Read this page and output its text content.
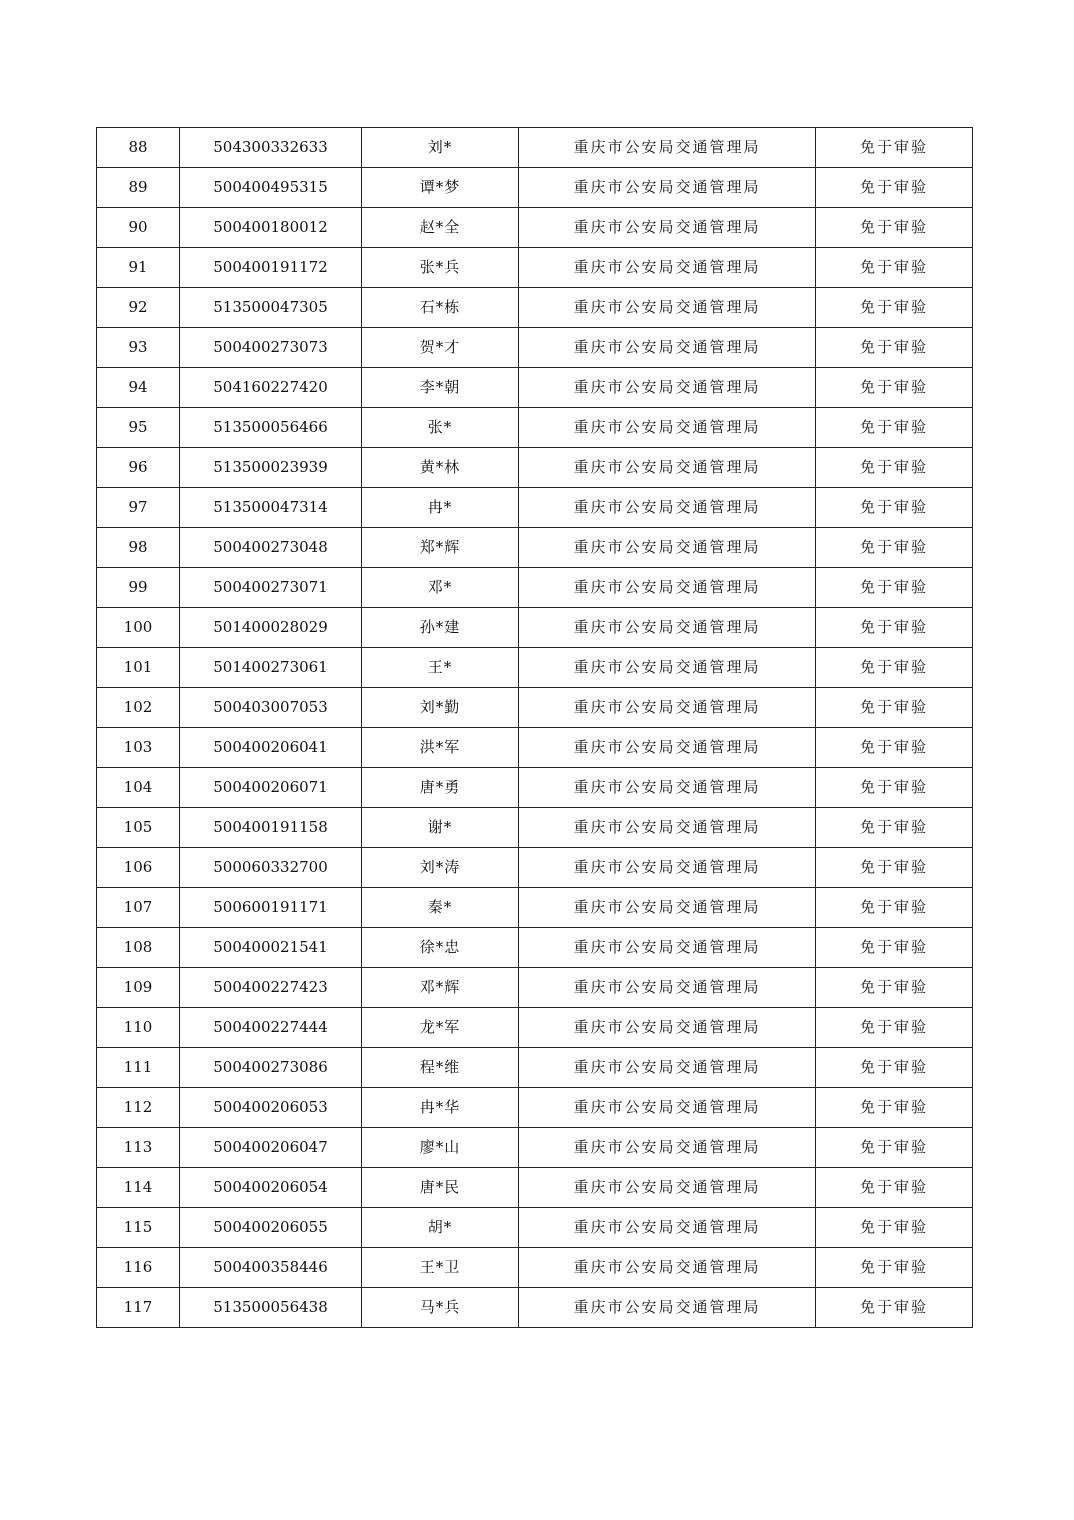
88	504300332633	刘*	重庆市公安局交通管理局	免于审验
89	500400495315	谭*梦	重庆市公安局交通管理局	免于审验
90	500400180012	赵*全	重庆市公安局交通管理局	免于审验
91	500400191172	张*兵	重庆市公安局交通管理局	免于审验
92	513500047305	石*栋	重庆市公安局交通管理局	免于审验
93	500400273073	贺*才	重庆市公安局交通管理局	免于审验
94	504160227420	李*朝	重庆市公安局交通管理局	免于审验
95	513500056466	张*	重庆市公安局交通管理局	免于审验
96	513500023939	黄*林	重庆市公安局交通管理局	免于审验
97	513500047314	冉*	重庆市公安局交通管理局	免于审验
98	500400273048	郑*辉	重庆市公安局交通管理局	免于审验
99	500400273071	邓*	重庆市公安局交通管理局	免于审验
100	501400028029	孙*建	重庆市公安局交通管理局	免于审验
101	501400273061	王*	重庆市公安局交通管理局	免于审验
102	500403007053	刘*勤	重庆市公安局交通管理局	免于审验
103	500400206041	洪*军	重庆市公安局交通管理局	免于审验
104	500400206071	唐*勇	重庆市公安局交通管理局	免于审验
105	500400191158	谢*	重庆市公安局交通管理局	免于审验
106	500060332700	刘*涛	重庆市公安局交通管理局	免于审验
107	500600191171	秦*	重庆市公安局交通管理局	免于审验
108	500400021541	徐*忠	重庆市公安局交通管理局	免于审验
109	500400227423	邓*辉	重庆市公安局交通管理局	免于审验
110	500400227444	龙*军	重庆市公安局交通管理局	免于审验
111	500400273086	程*维	重庆市公安局交通管理局	免于审验
112	500400206053	冉*华	重庆市公安局交通管理局	免于审验
113	500400206047	廖*山	重庆市公安局交通管理局	免于审验
114	500400206054	唐*民	重庆市公安局交通管理局	免于审验
115	500400206055	胡*	重庆市公安局交通管理局	免于审验
116	500400358446	王*卫	重庆市公安局交通管理局	免于审验
117	513500056438	马*兵	重庆市公安局交通管理局	免于审验
